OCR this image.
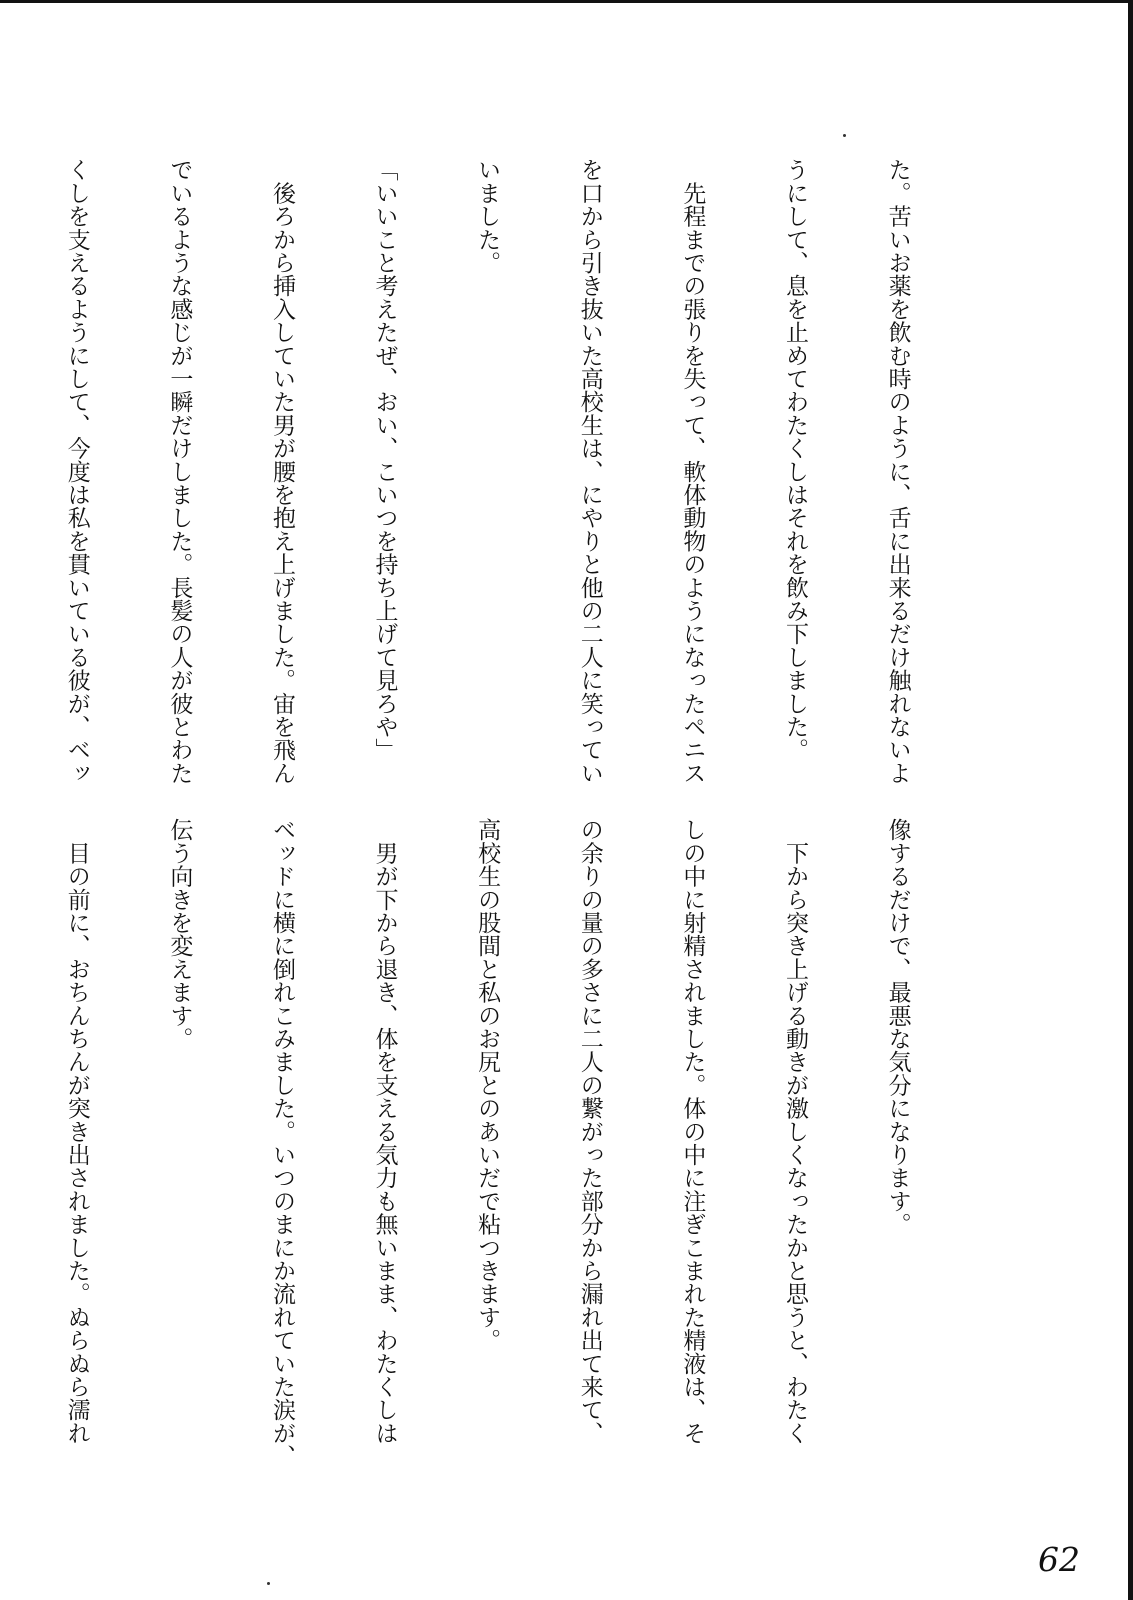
た。苦いお薬を飲む時のように、舌に出来るだけ触れないよ

うにして、息を止めてわたくしはそれを飲み下しました。

　先程までの張りを失って、軟体動物のようになったペニス

を口から引き抜いた高校生は、にやりと他の二人に笑ってい

いました。

「いいこと考えたぜ、おい、こいつを持ち上げて見ろや」

　後ろから挿入していた男が腰を抱え上げました。宙を飛ん

でいるような感じが一瞬だけしました。長髪の人が彼とわた

くしを支えるようにして、今度は私を貫いている彼が、ベッ

像するだけで、最悪な気分になります。

　下から突き上げる動きが激しくなったかと思うと、わたく

しの中に射精されました。体の中に注ぎこまれた精液は、そ

の余りの量の多さに二人の繋がった部分から漏れ出て来て、

高校生の股間と私のお尻とのあいだで粘つきます。

　男が下から退き、体を支える気力も無いまま、わたくしは

ベッドに横に倒れこみました。いつのまにか流れていた涙が、

伝う向きを変えます。

　目の前に、おちんちんが突き出されました。ぬらぬら濡れ

62
